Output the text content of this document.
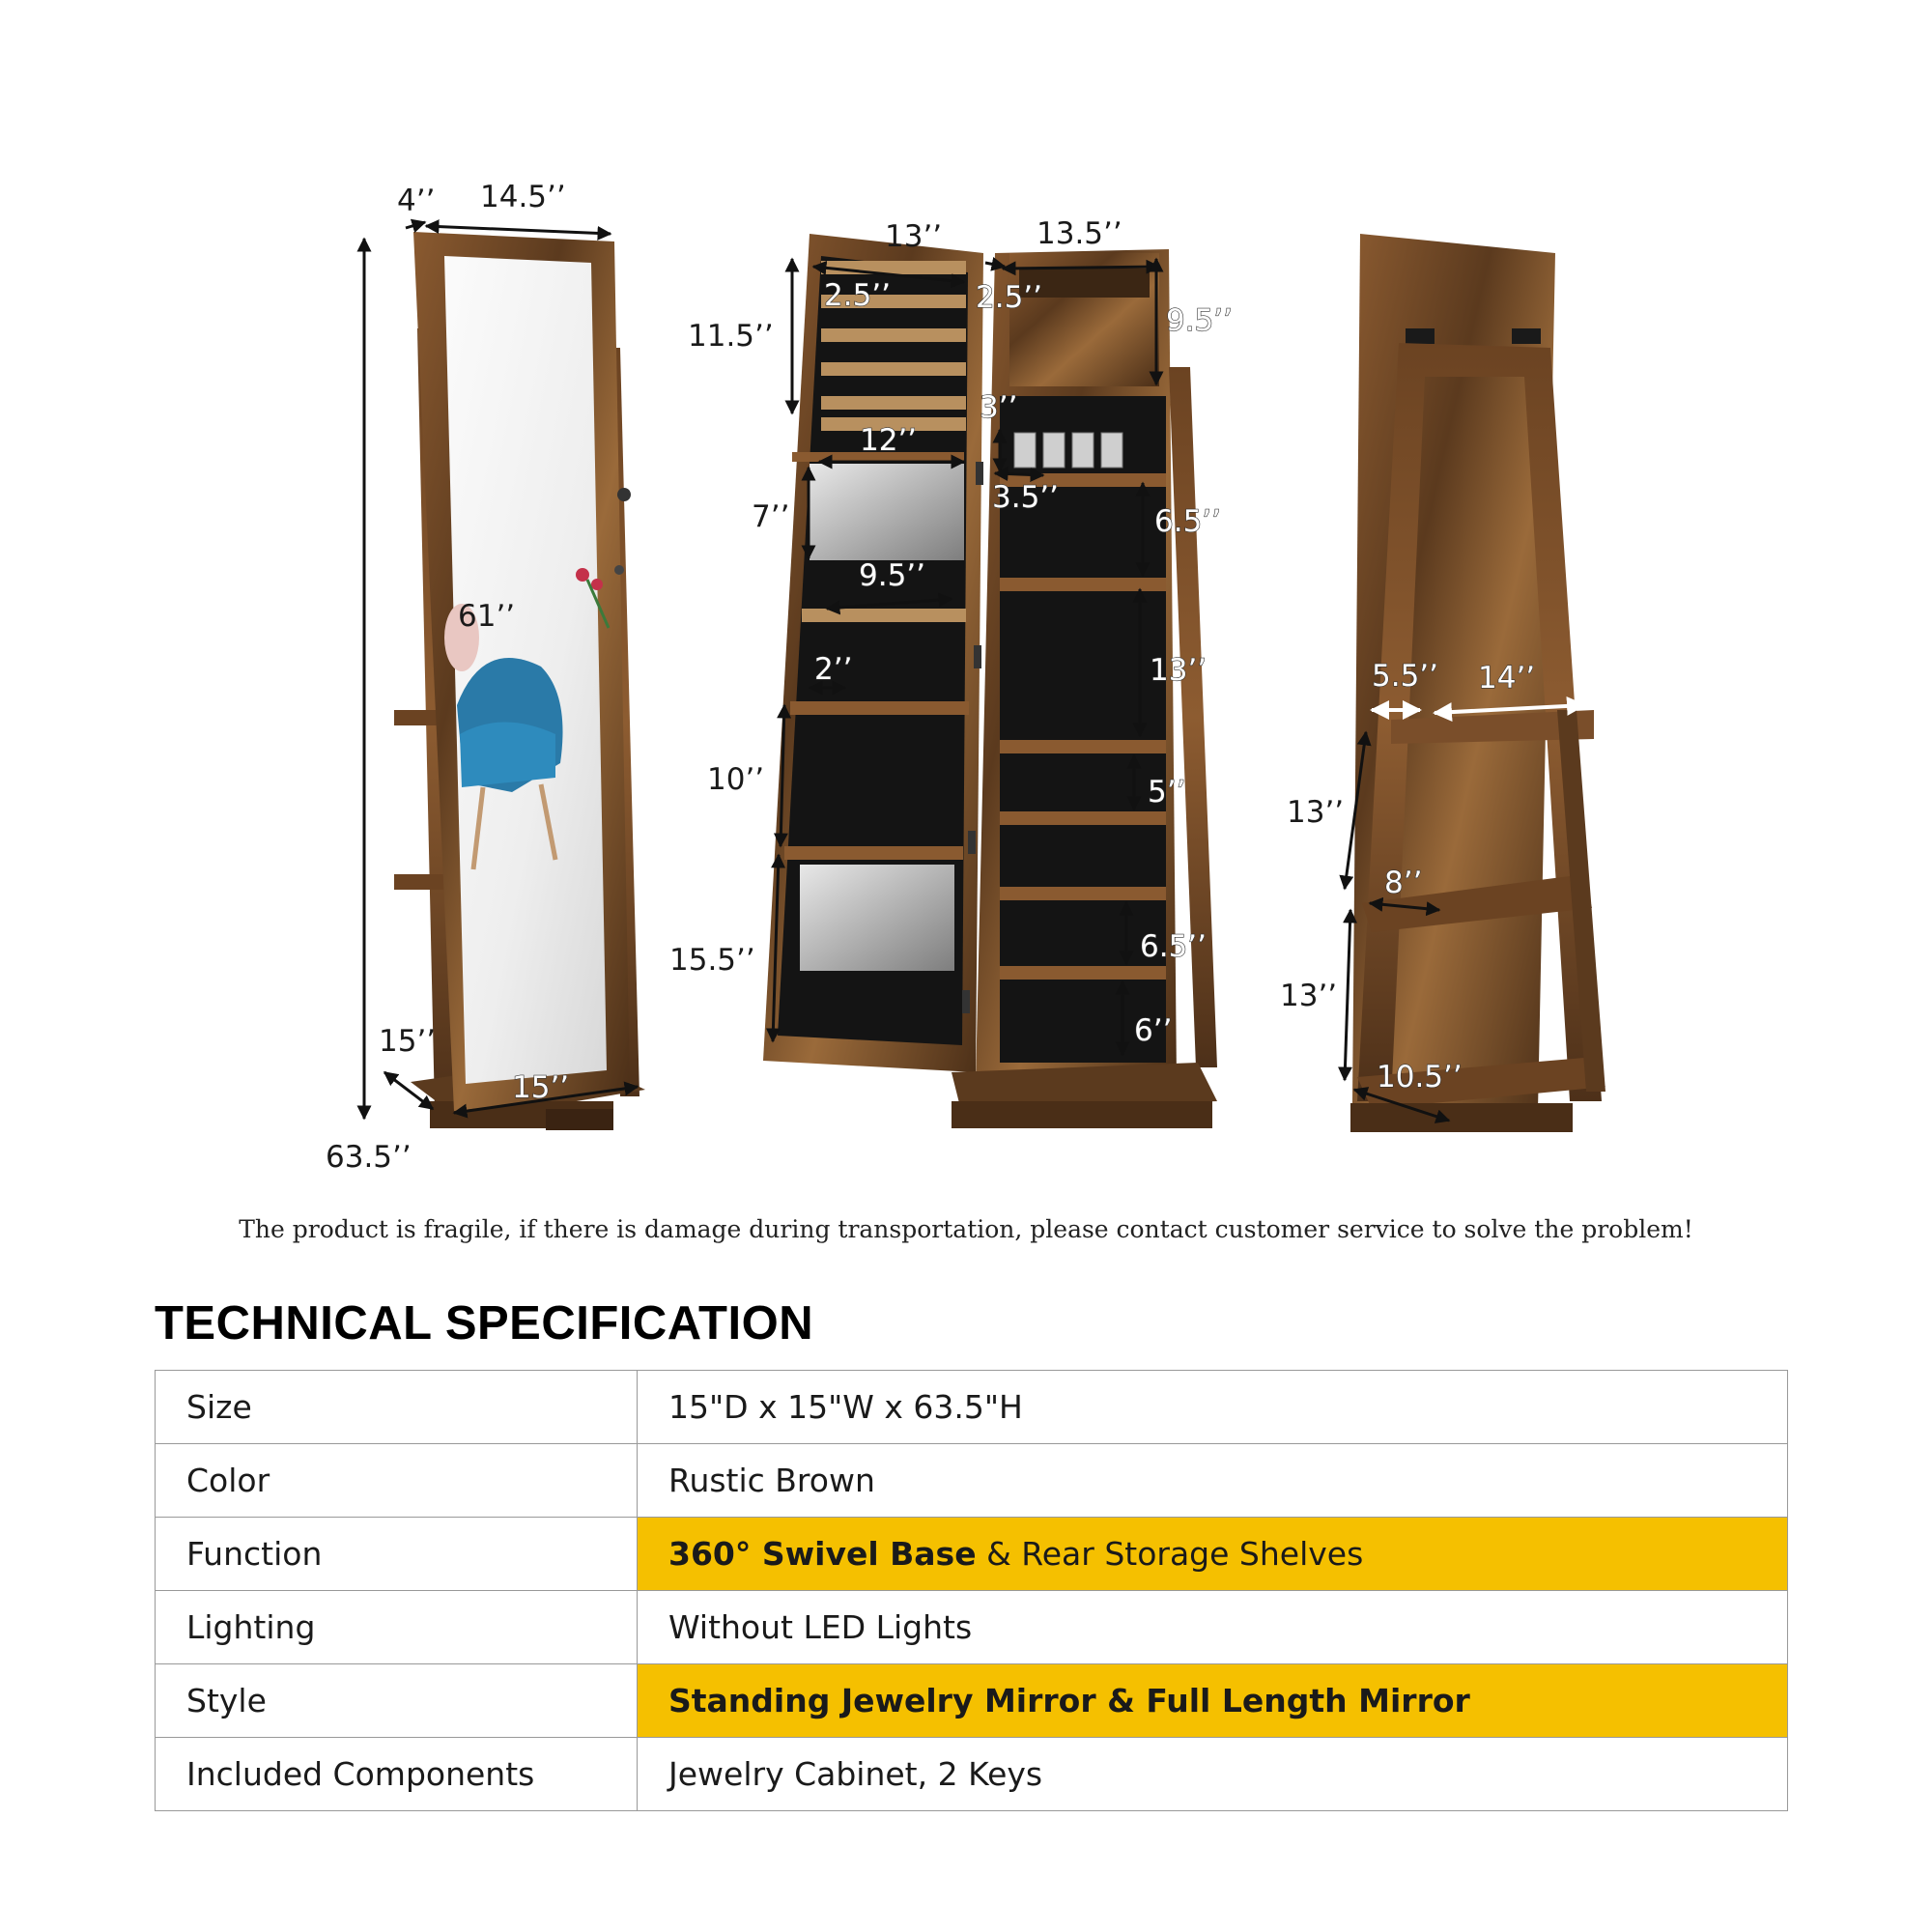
4’’ 14.5’’
61’’
15’’
15’’
63.5’’
13’’	13.5’’
2.5’’	2.5’’
11.5’’	9.5’’
3’’
12’’
3.5’’
7’’	6.5’’
9.5’’
13’’
2’’
10’’	5’’
15.5’’	6.5’’
6’’
5.5’’ 14’’
13’’
8’’
13’’
10.5’’
The product is fragile, if there is damage during transportation, please contact customer service to solve the problem!
TECHNICAL SPECIFICATION
Size	15"D x 15"W x 63.5"H
Color	Rustic Brown
Function	360° Swivel Base & Rear Storage Shelves
Lighting	Without LED Lights
Style	Standing Jewelry Mirror & Full Length Mirror
Included Components	Jewelry Cabinet, 2 Keys
